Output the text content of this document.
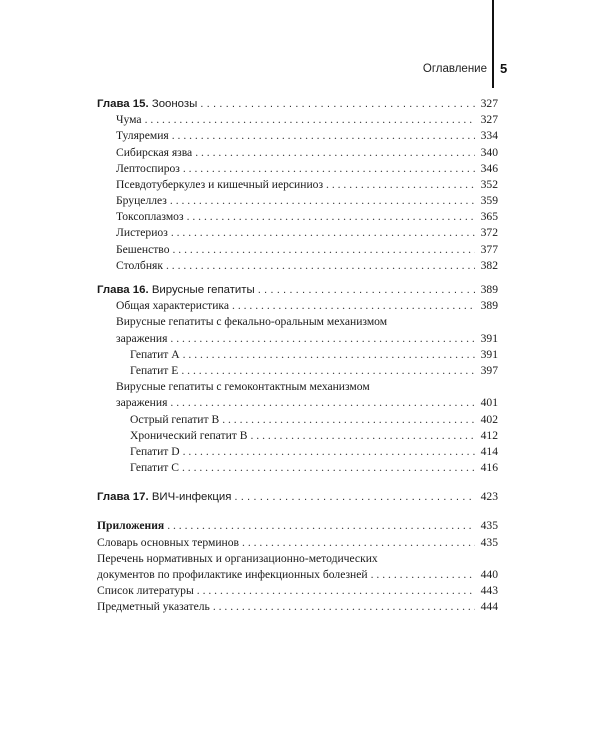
Оглавление 5
Глава 15. Зоонозы . . .	327
Чума . . .	327
Туляремия . . .	334
Сибирская язва . . .	340
Лептоспироз . . .	346
Псевдотуберкулез и кишечный иерсиниоз . . .	352
Бруцеллез . . .	359
Токсоплазмоз . . .	365
Листериоз . . .	372
Бешенство . . .	377
Столбняк . . .	382
Глава 16. Вирусные гепатиты . . .	389
Общая характеристика . . .	389
Вирусные гепатиты с фекально-оральным механизмом
заражения . . .	391
Гепатит А . . .	391
Гепатит Е . . .	397
Вирусные гепатиты с гемоконтактным механизмом
заражения . . .	401
Острый гепатит В . . .	402
Хронический гепатит В . . .	412
Гепатит D . . .	414
Гепатит С . . .	416
Глава 17. ВИЧ-инфекция . . .	423
Приложения . . .	435
Словарь основных терминов . . .	435
Перечень нормативных и организационно-методических
документов по профилактике инфекционных болезней . . .	440
Список литературы . . .	443
Предметный указатель . . .	444
